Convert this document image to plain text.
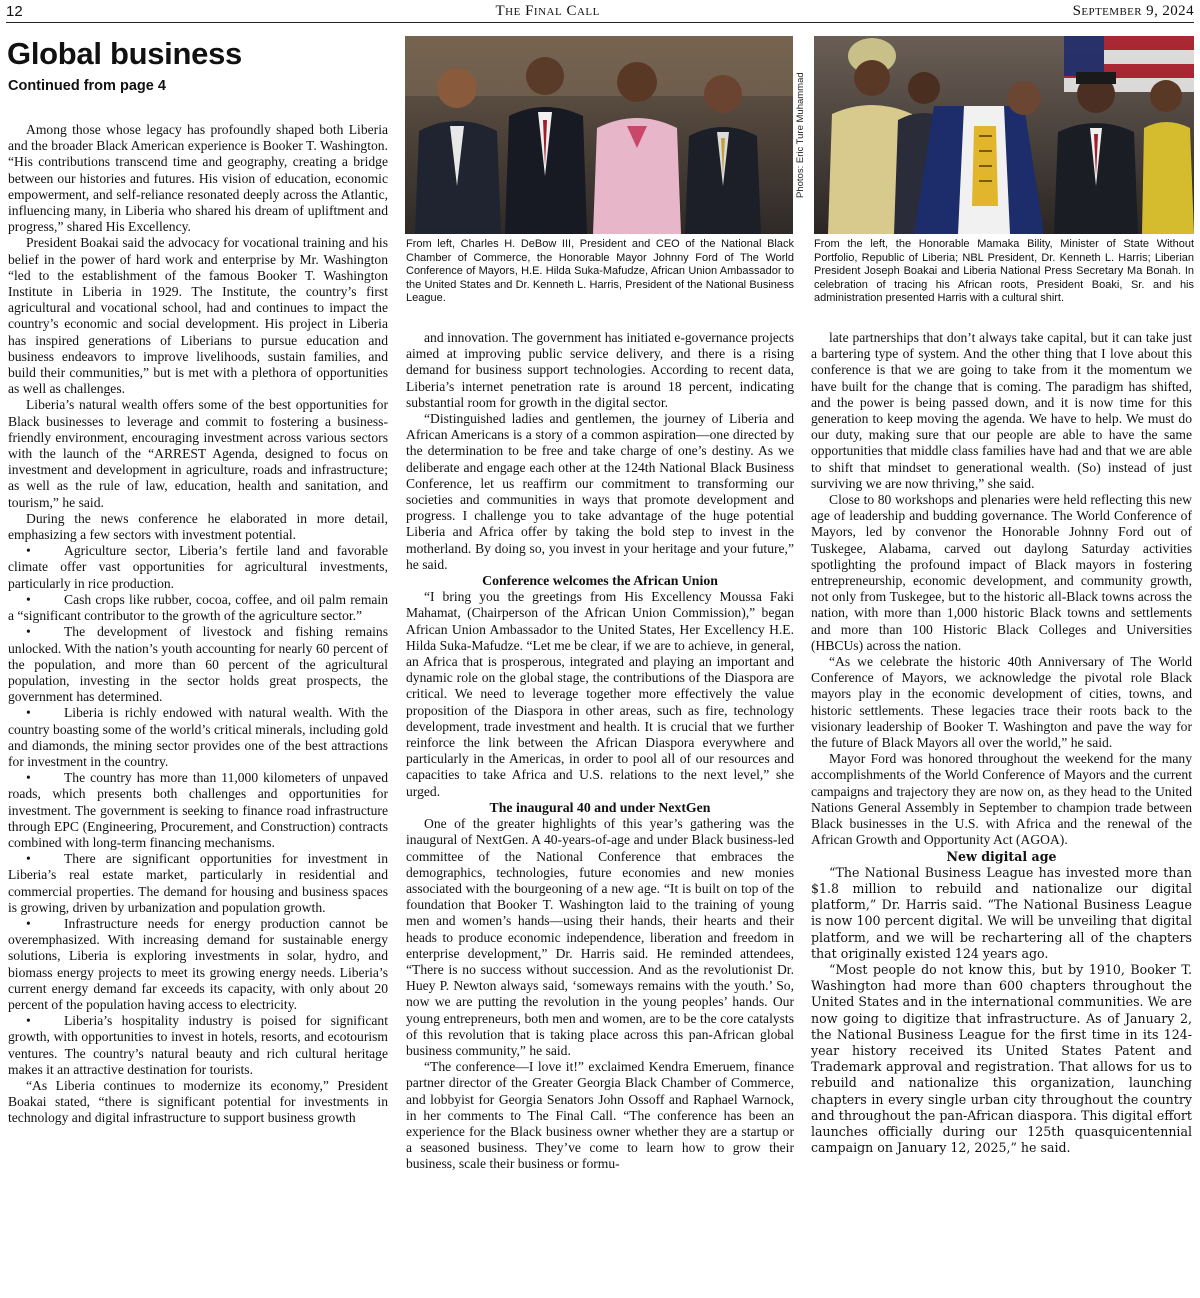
12	The Final Call	September 9, 2024
Global business
Continued from page 4	Photos: Eric Ture Muhammad
From left, Charles H. DeBow III, President and CEO of the National Black Chamber of Commerce, the Honorable Mayor Johnny Ford of The World Conference of Mayors, H.E. Hilda Suka-Mafudze, African Union Ambassador to the United States and Dr. Kenneth L. Harris, President of the National Business League.
From the left, the Honorable Mamaka Bility, Minister of State Without Portfolio, Republic of Liberia; NBL President, Dr. Kenneth L. Harris; Liberian President Joseph Boakai and Liberia National Press Secretary Ma Bonah. In celebration of tracing his African roots, President Boaki, Sr. and his administration presented Harris with a cultural shirt.

Among those whose legacy has profoundly shaped both Liberia and the broader Black American experience is Booker T. Washington. “His contributions transcend time and geography, creating a bridge between our histories and futures. His vision of education, economic empowerment, and self-reliance resonated deeply across the Atlantic, influencing many, in Liberia who shared his dream of upliftment and progress,” shared His Excellency.

President Boakai said the advocacy for vocational training and his belief in the power of hard work and enterprise by Mr. Washington “led to the establishment of the famous Booker T. Washington Institute in Liberia in 1929. The Institute, the country’s first agricultural and vocational school, had and continues to impact the country’s economic and social development. His project in Liberia has inspired generations of Liberians to pursue education and business endeavors to improve livelihoods, sustain families, and build their communities,” but is met with a plethora of opportunities as well as challenges.

Liberia’s natural wealth offers some of the best opportunities for Black businesses to leverage and commit to fostering a business-friendly environment, encouraging investment across various sectors with the launch of the “ARREST Agenda, designed to focus on investment and development in agriculture, roads and infrastructure; as well as the rule of law, education, health and sanitation, and tourism,” he said.

During the news conference he elaborated in more detail, emphasizing a few sectors with investment potential.

• Agriculture sector, Liberia’s fertile land and favorable climate offer vast opportunities for agricultural investments, particularly in rice production.

• Cash crops like rubber, cocoa, coffee, and oil palm remain a “significant contributor to the growth of the agriculture sector.”

• The development of livestock and fishing remains unlocked. With the nation’s youth accounting for nearly 60 percent of the population, and more than 60 percent of the agricultural population, investing in the sector holds great prospects, the government has determined.

• Liberia is richly endowed with natural wealth. With the country boasting some of the world’s critical minerals, including gold and diamonds, the mining sector provides one of the best attractions for investment in the country.

• The country has more than 11,000 kilometers of unpaved roads, which presents both challenges and opportunities for investment. The government is seeking to finance road infrastructure through EPC (Engineering, Procurement, and Construction) contracts combined with long-term financing mechanisms.

• There are significant opportunities for investment in Liberia’s real estate market, particularly in residential and commercial properties. The demand for housing and business spaces is growing, driven by urbanization and population growth.

• Infrastructure needs for energy production cannot be overemphasized. With increasing demand for sustainable energy solutions, Liberia is exploring investments in solar, hydro, and biomass energy projects to meet its growing energy needs. Liberia’s current energy demand far exceeds its capacity, with only about 20 percent of the population having access to electricity.

• Liberia’s hospitality industry is poised for significant growth, with opportunities to invest in hotels, resorts, and ecotourism ventures. The country’s natural beauty and rich cultural heritage makes it an attractive destination for tourists.

“As Liberia continues to modernize its economy,” President Boakai stated, “there is significant potential for investments in technology and digital infrastructure to support business growth

and innovation. The government has initiated e-governance projects aimed at improving public service delivery, and there is a rising demand for business support technologies. According to recent data, Liberia’s internet penetration rate is around 18 percent, indicating substantial room for growth in the digital sector.

“Distinguished ladies and gentlemen, the journey of Liberia and African Americans is a story of a common aspiration—one directed by the determination to be free and take charge of one’s destiny. As we deliberate and engage each other at the 124th National Black Business Conference, let us reaffirm our commitment to transforming our societies and communities in ways that promote development and progress. I challenge you to take advantage of the huge potential Liberia and Africa offer by taking the bold step to invest in the motherland. By doing so, you invest in your heritage and your future,” he said.

Conference welcomes the African Union

“I bring you the greetings from His Excellency Moussa Faki Mahamat, (Chairperson of the African Union Commission),” began African Union Ambassador to the United States, Her Excellency H.E. Hilda Suka-Mafudze. “Let me be clear, if we are to achieve, in general, an Africa that is prosperous, integrated and playing an important and dynamic role on the global stage, the contributions of the Diaspora are critical. We need to leverage together more effectively the value proposition of the Diaspora in other areas, such as fire, technology development, trade investment and health. It is crucial that we further reinforce the link between the African Diaspora everywhere and particularly in the Americas, in order to pool all of our resources and capacities to take Africa and U.S. relations to the next level,” she urged.

The inaugural 40 and under NextGen

One of the greater highlights of this year’s gathering was the inaugural of NextGen. A 40-years-of-age and under Black business-led committee of the National Conference that embraces the demographics, technologies, future economies and new monies associated with the bourgeoning of a new age. “It is built on top of the foundation that Booker T. Washington laid to the training of young men and women’s hands—using their hands, their hearts and their heads to produce economic independence, liberation and freedom in enterprise development,” Dr. Harris said. He reminded attendees, “There is no success without succession. And as the revolutionist Dr. Huey P. Newton always said, ‘someways remains with the youth.’ So, now we are putting the revolution in the young peoples’ hands. Our young entrepreneurs, both men and women, are to be the core catalysts of this revolution that is taking place across this pan-African global business community,” he said.

“The conference—I love it!” exclaimed Kendra Emeruem, finance partner director of the Greater Georgia Black Chamber of Commerce, and lobbyist for Georgia Senators John Ossoff and Raphael Warnock, in her comments to The Final Call. “The conference has been an experience for the Black business owner whether they are a startup or a seasoned business. They’ve come to learn how to grow their business, scale their business or formu-

late partnerships that don’t always take capital, but it can take just a bartering type of system. And the other thing that I love about this conference is that we are going to take from it the momentum we have built for the change that is coming. The paradigm has shifted, and the power is being passed down, and it is now time for this generation to keep moving the agenda. We have to help. We must do our duty, making sure that our people are able to have the same opportunities that middle class families have had and that we are able to shift that mindset to generational wealth. (So) instead of just surviving we are now thriving,” she said.

Close to 80 workshops and plenaries were held reflecting this new age of leadership and budding governance. The World Conference of Mayors, led by convenor the Honorable Johnny Ford out of Tuskegee, Alabama, carved out daylong Saturday activities spotlighting the profound impact of Black mayors in fostering entrepreneurship, economic development, and community growth, not only from Tuskegee, but to the historic all-Black towns across the nation, with more than 1,000 historic Black towns and settlements and more than 100 Historic Black Colleges and Universities (HBCUs) across the nation.

“As we celebrate the historic 40th Anniversary of The World Conference of Mayors, we acknowledge the pivotal role Black mayors play in the economic development of cities, towns, and historic settlements. These legacies trace their roots back to the visionary leadership of Booker T. Washington and pave the way for the future of Black Mayors all over the world,” he said.

Mayor Ford was honored throughout the weekend for the many accomplishments of the World Conference of Mayors and the current campaigns and trajectory they are now on, as they head to the United Nations General Assembly in September to champion trade between Black businesses in the U.S. with Africa and the renewal of the African Growth and Opportunity Act (AGOA).

New digital age

“The National Business League has invested more than $1.8 million to rebuild and nationalize our digital platform,” Dr. Harris said. “The National Business League is now 100 percent digital. We will be unveiling that digital platform, and we will be rechartering all of the chapters that originally existed 124 years ago.

“Most people do not know this, but by 1910, Booker T. Washington had more than 600 chapters throughout the United States and in the international communities. We are now going to digitize that infrastructure. As of January 2, the National Business League for the first time in its 124-year history received its United States Patent and Trademark approval and registration. That allows for us to rebuild and nationalize this organization, launching chapters in every single urban city throughout the country and throughout the pan-African diaspora. This digital effort launches officially during our 125th quasquicentennial campaign on January 12, 2025,” he said.
